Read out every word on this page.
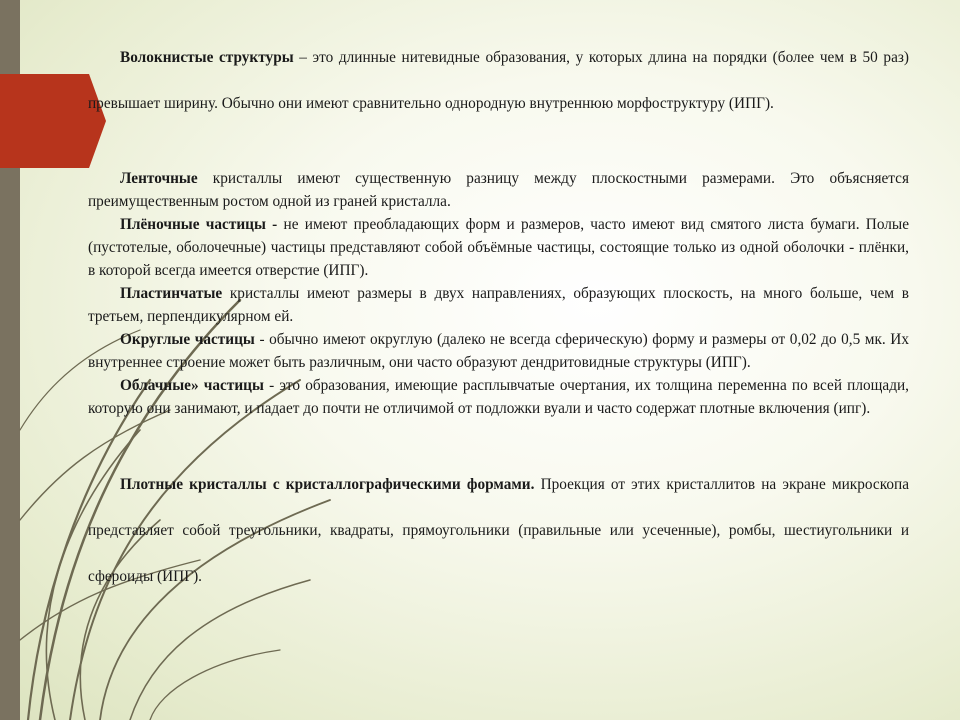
Волокнистые структуры – это длинные нитевидные образования, у которых длина на порядки (более чем в 50 раз) превышает ширину. Обычно они имеют сравнительно однородную внутреннюю морфоструктуру (ИПГ).

Ленточные кристаллы имеют существенную разницу между плоскостными размерами. Это объясняется преимущественным ростом одной из граней кристалла.

Плёночные частицы - не имеют преобладающих форм и размеров, часто имеют вид смятого листа бумаги. Полые (пустотелые, оболочечные) частицы представляют собой объёмные частицы, состоящие только из одной оболочки - плёнки, в которой всегда имеется отверстие (ИПГ).

Пластинчатые кристаллы имеют размеры в двух направлениях, образующих плоскость, на много больше, чем в третьем, перпендикулярном ей.

Округлые частицы - обычно имеют округлую (далеко не всегда сферическую) форму и размеры от 0,02 до 0,5 мк. Их внутреннее строение может быть различным, они часто образуют дендритовидные структуры (ИПГ).

Облачные» частицы - это образования, имеющие расплывчатые очертания, их толщина переменна по всей площади, которую они занимают, и падает до почти не отличимой от подложки вуали и часто содержат плотные включения (ипг).

Плотные кристаллы с кристаллографическими формами. Проекция от этих кристаллитов на экране микроскопа представляет собой треугольники, квадраты, прямоугольники (правильные или усеченные), ромбы, шестиугольники и сфероиды (ИПГ).
